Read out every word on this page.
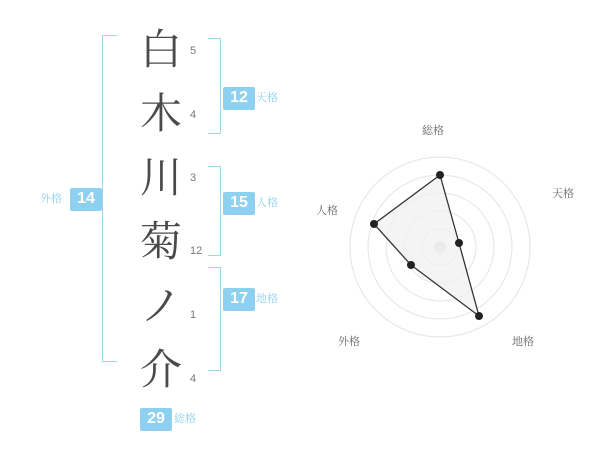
白
木
川
菊
ノ
介
5
4
3
12
1
4
14
外格
12 天格
15 人格
17 地格
29 総格
総格
天格
地格
外格
人格
